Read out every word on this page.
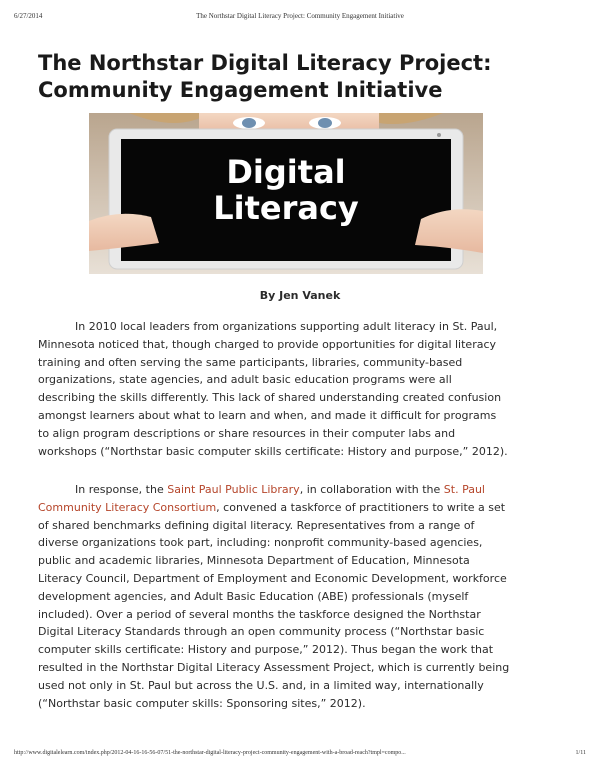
6/27/2014	The Northstar Digital Literacy Project: Community Engagement Initiative
The Northstar Digital Literacy Project:
Community Engagement Initiative
Digital
Literacy
By Jen Vanek

In 2010 local leaders from organizations supporting adult literacy in St. Paul,
Minnesota noticed that, though charged to provide opportunities for digital literacy
training and often serving the same participants, libraries, community-based
organizations, state agencies, and adult basic education programs were all
describing the skills differently. This lack of shared understanding created confusion
amongst learners about what to learn and when, and made it difficult for programs
to align program descriptions or share resources in their computer labs and
workshops (“Northstar basic computer skills certificate: History and purpose,” 2012).

In response, the Saint Paul Public Library, in collaboration with the St. Paul
Community Literacy Consortium, convened a taskforce of practitioners to write a set
of shared benchmarks defining digital literacy. Representatives from a range of
diverse organizations took part, including: nonprofit community-based agencies,
public and academic libraries, Minnesota Department of Education, Minnesota
Literacy Council, Department of Employment and Economic Development, workforce
development agencies, and Adult Basic Education (ABE) professionals (myself
included). Over a period of several months the taskforce designed the Northstar
Digital Literacy Standards through an open community process (“Northstar basic
computer skills certificate: History and purpose,” 2012). Thus began the work that
resulted in the Northstar Digital Literacy Assessment Project, which is currently being
used not only in St. Paul but across the U.S. and, in a limited way, internationally
(“Northstar basic computer skills: Sponsoring sites,” 2012).

http://www.digitalelearn.com/index.php/2012-04-16-16-56-07/51-the-northstar-digital-literacy-project-community-engagement-with-a-broad-reach?tmpl=compo...	1/11
